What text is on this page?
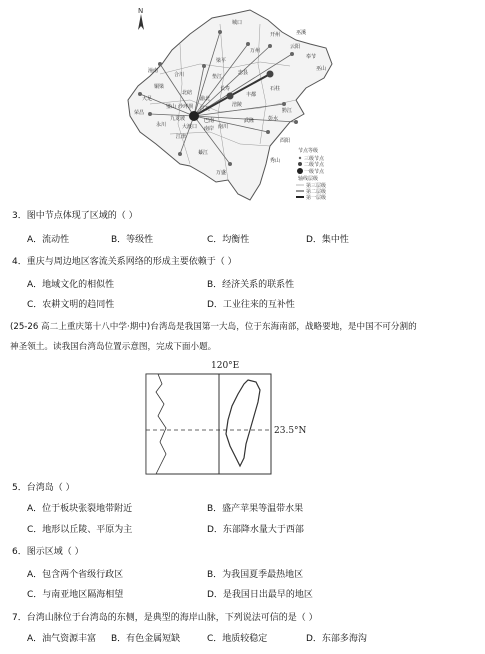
N
开州
万州
云阳
城口
巫溪
奉节
巫山
梁平
忠县
垫江
长寿
涪陵
丰都
石柱
武隆	彭水
黔江
酉阳
秀山
南川
綦江
江津
永川
荣昌
大足
铜梁
合川
潼南
璧山
北碚
渝北
巴南
九龙坡
沙坪坝
万盛
江北
南岸
大渡口
节点等级
三级节点
二级节点
一级节点
轴线层级
第三层级
第二层级
第一层级
3．图中节点体现了区域的（ ）
A．流动性	B．等级性	C．均衡性	D．集中性
4．重庆与周边地区客流关系网络的形成主要依赖于（ ）
A．地域文化的相似性	B．经济关系的联系性
C．农耕文明的趋同性	D．工业往来的互补性
(25-26 高二上重庆第十八中学·期中)台湾岛是我国第一大岛，位于东海南部，战略要地，是中国不可分割的
神圣领土。读我国台湾岛位置示意图，完成下面小题。
120°E
23.5°N
5．台湾岛（ ）
A．位于板块张裂地带附近	B．盛产苹果等温带水果
C．地形以丘陵、平原为主	D．东部降水量大于西部
6．图示区域（ ）
A．包含两个省级行政区	B．为我国夏季最热地区
C．与南亚地区隔海相望	D．是我国日出最早的地区
7．台湾山脉位于台湾岛的东侧，是典型的海岸山脉，下列说法可信的是（ ）
A．油气资源丰富 B．有色金属短缺	C．地质较稳定	D．东部多海沟
